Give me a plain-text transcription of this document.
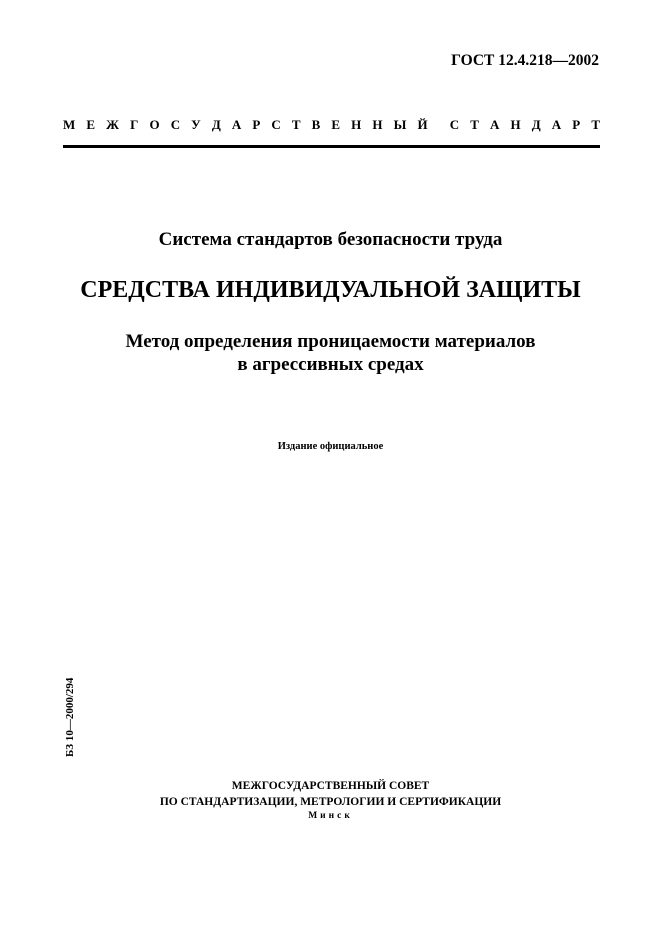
ГОСТ 12.4.218—2002
М Е Ж Г О С У Д А Р С Т В Е Н Н Ы Й С Т А Н Д А Р Т
Система стандартов безопасности труда
СРЕДСТВА ИНДИВИДУАЛЬНОЙ ЗАЩИТЫ
Метод определения проницаемости материалов
в агрессивных средах
Издание официальное
БЗ 10—2000/294
МЕЖГОСУДАРСТВЕННЫЙ СОВЕТ
ПО СТАНДАРТИЗАЦИИ, МЕТРОЛОГИИ И СЕРТИФИКАЦИИ
Минск
